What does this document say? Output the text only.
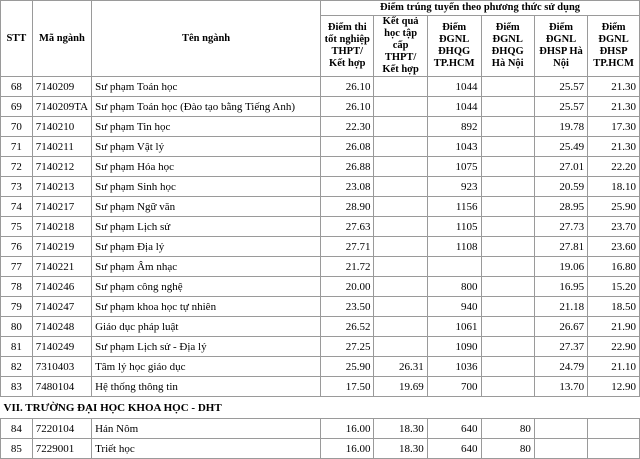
STT	Mã ngành	Tên ngành	Điểm trúng tuyển theo phương thức sử dụng					
			Điểm thi tốt nghiệp THPT/ Kết hợp	Kết quả học tập cấp THPT/ Kết hợp	Điểm ĐGNL ĐHQG TP.HCM	Điểm ĐGNL ĐHQG Hà Nội	Điểm ĐGNL ĐHSP Hà Nội	Điểm ĐGNL ĐHSP TP.HCM
68	7140209	Sư phạm Toán học	26.10		1044		25.57	21.30
69	7140209TA	Sư phạm Toán học (Đào tạo bằng Tiếng Anh)	26.10		1044		25.57	21.30
70	7140210	Sư phạm Tin học	22.30		892		19.78	17.30
71	7140211	Sư phạm Vật lý	26.08		1043		25.49	21.30
72	7140212	Sư phạm Hóa học	26.88		1075		27.01	22.20
73	7140213	Sư phạm Sinh học	23.08		923		20.59	18.10
74	7140217	Sư phạm Ngữ văn	28.90		1156		28.95	25.90
75	7140218	Sư phạm Lịch sử	27.63		1105		27.73	23.70
76	7140219	Sư phạm Địa lý	27.71		1108		27.81	23.60
77	7140221	Sư phạm Âm nhạc	21.72				19.06	16.80
78	7140246	Sư phạm công nghệ	20.00		800		16.95	15.20
79	7140247	Sư phạm khoa học tự nhiên	23.50		940		21.18	18.50
80	7140248	Giáo dục pháp luật	26.52		1061		26.67	21.90
81	7140249	Sư phạm Lịch sử - Địa lý	27.25		1090		27.37	22.90
82	7310403	Tâm lý học giáo dục	25.90	26.31	1036		24.79	21.10
83	7480104	Hệ thống thông tin	17.50	19.69	700		13.70	12.90
VII. TRƯỜNG ĐẠI HỌC KHOA HỌC - DHT								
84	7220104	Hán Nôm	16.00	18.30	640	80		
85	7229001	Triết học	16.00	18.30	640	80		
